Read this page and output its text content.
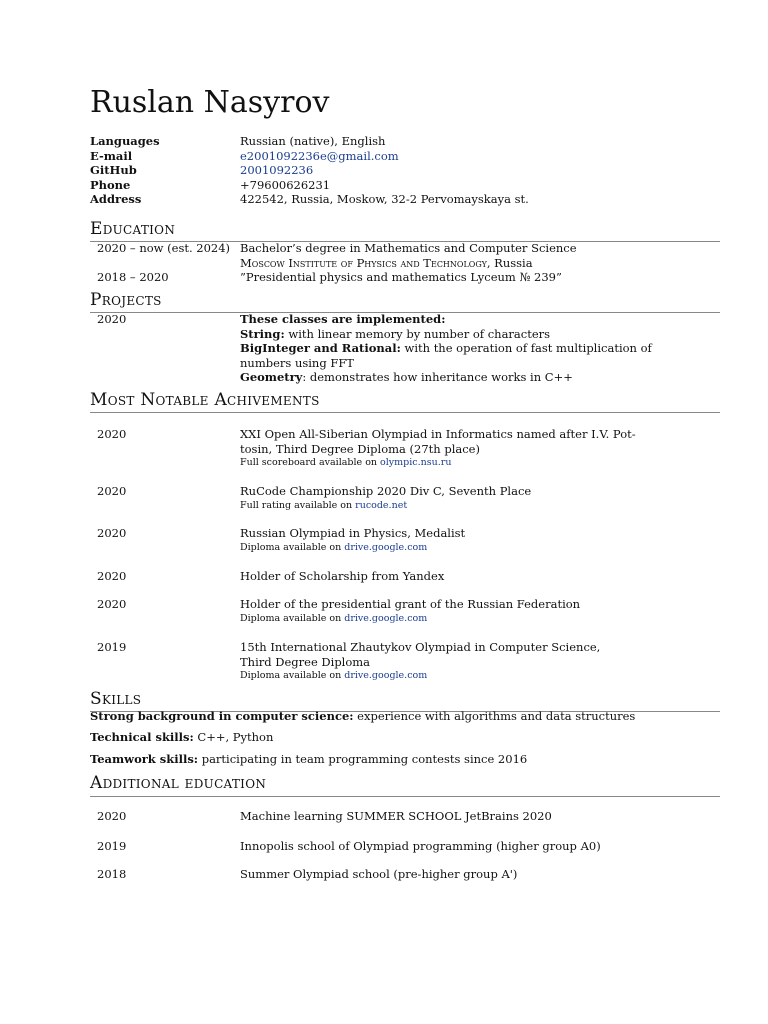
Ruslan Nasyrov
Languages	Russian (native), English
E-mail	e2001092236e@gmail.com
GitHub	2001092236
Phone	+79600626231
Address	422542, Russia, Moskow, 32-2 Pervomayskaya st.
Education
2020 – now (est. 2024) Bachelor’s degree in Mathematics and Computer Science
Moscow Institute of Physics and Technology, Russia
2018 – 2020	”Presidential physics and mathematics Lyceum № 239”
Projects
2020	These classes are implemented:
String: with linear memory by number of characters
BigInteger and Rational: with the operation of fast multiplication of
numbers using FFT
Geometry: demonstrates how inheritance works in C++
Most Notable Achivements
2020	XXI Open All-Siberian Olympiad in Informatics named after I.V. Pot-
tosin, Third Degree Diploma (27th place)
Full scoreboard available on olympic.nsu.ru
2020	RuCode Championship 2020 Div C, Seventh Place
Full rating available on rucode.net
2020	Russian Olympiad in Physics, Medalist
Diploma available on drive.google.com
2020	Holder of Scholarship from Yandex
2020	Holder of the presidential grant of the Russian Federation
Diploma available on drive.google.com
2019	15th International Zhautykov Olympiad in Computer Science,
Third Degree Diploma
Diploma available on drive.google.com
Skills
Strong background in computer science: experience with algorithms and data structures
Technical skills: C++, Python
Teamwork skills: participating in team programming contests since 2016
Additional education
2020	Machine learning SUMMER SCHOOL JetBrains 2020
2019	Innopolis school of Olympiad programming (higher group A0)
2018	Summer Olympiad school (pre-higher group A')
